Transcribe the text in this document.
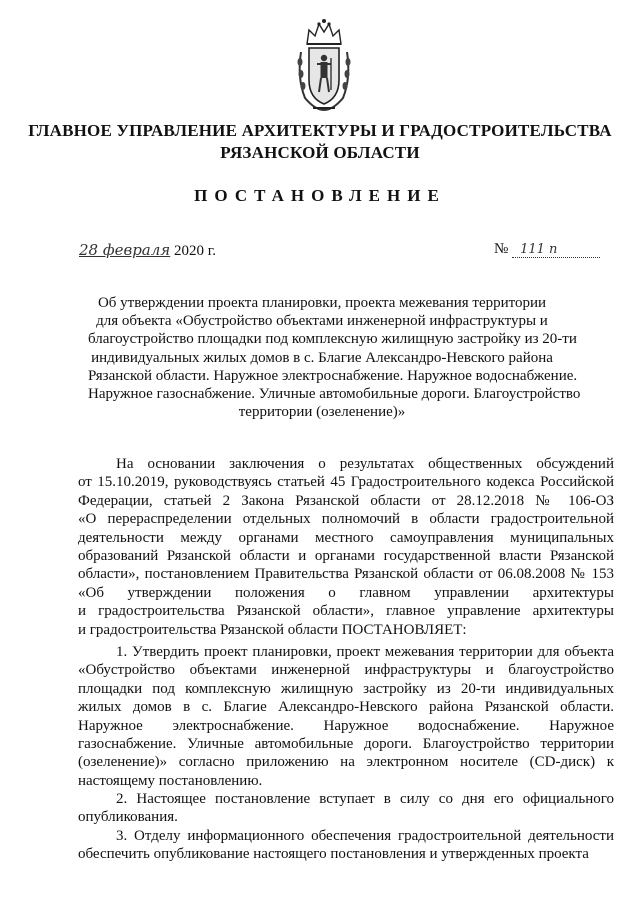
ГЛАВНОЕ УПРАВЛЕНИЕ АРХИТЕКТУРЫ И ГРАДОСТРОИТЕЛЬСТВА
РЯЗАНСКОЙ ОБЛАСТИ
ПОСТАНОВЛЕНИЕ
28 февраля 2020 г.	№ 111 п
Об утверждении проекта планировки, проекта межевания территории
для объекта «Обустройство объектами инженерной инфраструктуры и
благоустройство площадки под комплексную жилищную застройку из 20-ти
индивидуальных жилых домов в с. Благие Александро-Невского района
Рязанской области. Наружное электроснабжение. Наружное водоснабжение.
Наружное газоснабжение. Уличные автомобильные дороги. Благоустройство
территории (озеленение)»
На основании заключения о результатах общественных обсуждений
от 15.10.2019, руководствуясь статьей 45 Градостроительного кодекса Российской
Федерации, статьей 2 Закона Рязанской области от 28.12.2018 № 106-ОЗ
«О перераспределении отдельных полномочий в области градостроительной
деятельности между органами местного самоуправления муниципальных
образований Рязанской области и органами государственной власти Рязанской
области», постановлением Правительства Рязанской области от 06.08.2008 № 153
«Об утверждении положения о главном управлении архитектуры
и градостроительства Рязанской области», главное управление архитектуры
и градостроительства Рязанской области ПОСТАНОВЛЯЕТ:
1. Утвердить проект планировки, проект межевания территории для объекта
«Обустройство объектами инженерной инфраструктуры и благоустройство
площадки под комплексную жилищную застройку из 20-ти индивидуальных
жилых домов в с. Благие Александро-Невского района Рязанской области.
Наружное электроснабжение. Наружное водоснабжение. Наружное
газоснабжение. Уличные автомобильные дороги. Благоустройство территории
(озеленение)» согласно приложению на электронном носителе (CD-диск) к
настоящему постановлению.
2. Настоящее постановление вступает в силу со дня его официального
опубликования.
3. Отделу информационного обеспечения градостроительной деятельности
обеспечить опубликование настоящего постановления и утвержденных проекта
